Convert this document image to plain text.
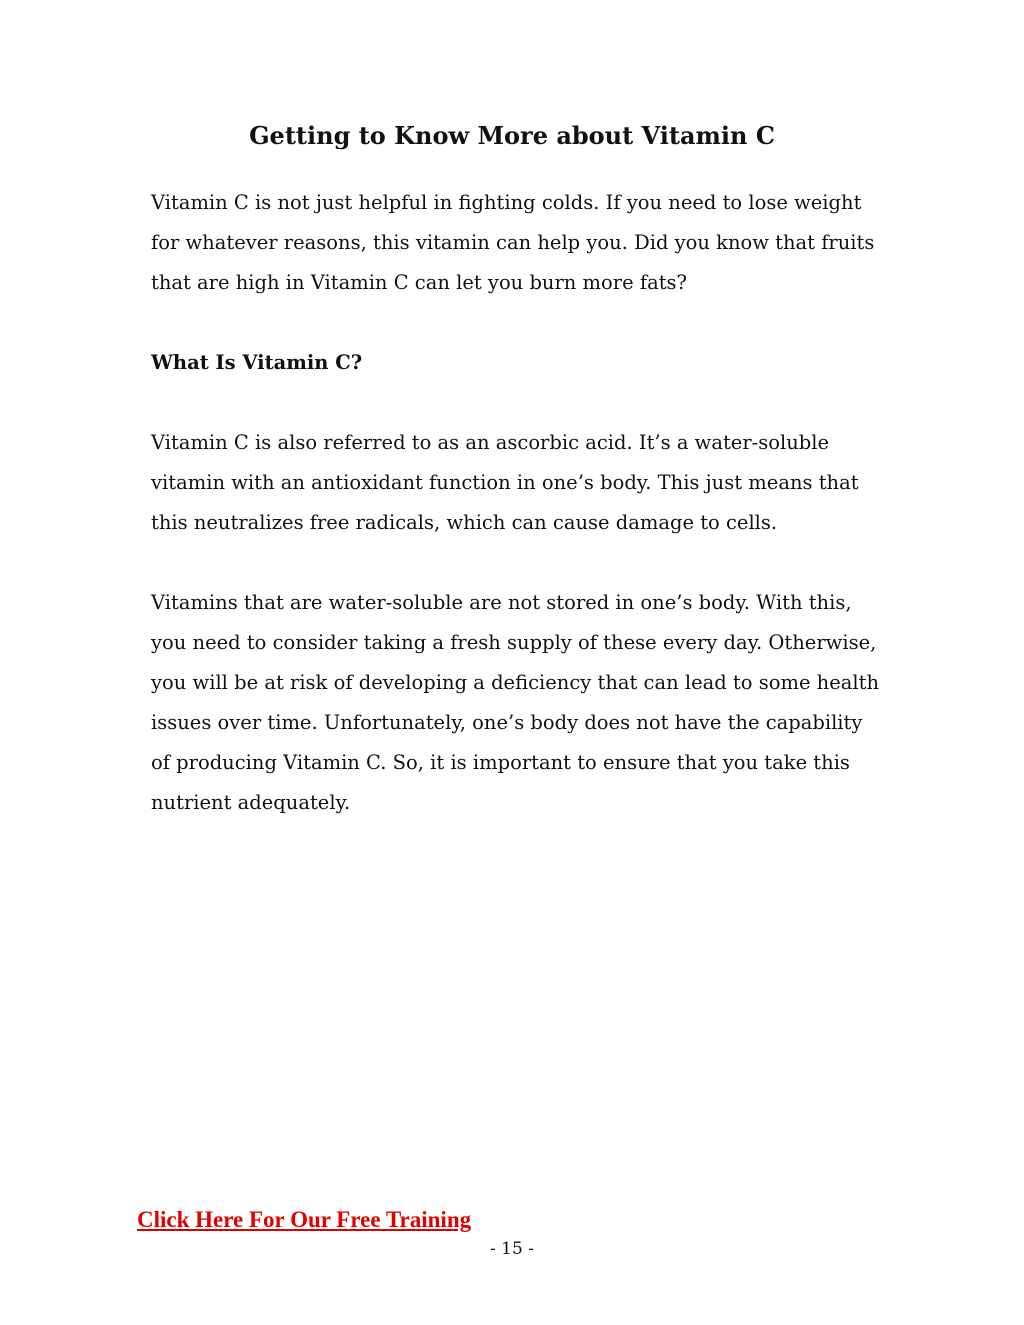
Getting to Know More about Vitamin C

Vitamin C is not just helpful in fighting colds. If you need to lose weight for whatever reasons, this vitamin can help you. Did you know that fruits that are high in Vitamin C can let you burn more fats?

What Is Vitamin C?

Vitamin C is also referred to as an ascorbic acid. It’s a water-soluble vitamin with an antioxidant function in one’s body. This just means that this neutralizes free radicals, which can cause damage to cells.

Vitamins that are water-soluble are not stored in one’s body. With this, you need to consider taking a fresh supply of these every day. Otherwise, you will be at risk of developing a deficiency that can lead to some health issues over time. Unfortunately, one’s body does not have the capability of producing Vitamin C. So, it is important to ensure that you take this nutrient adequately.

Click Here For Our Free Training
- 15 -
